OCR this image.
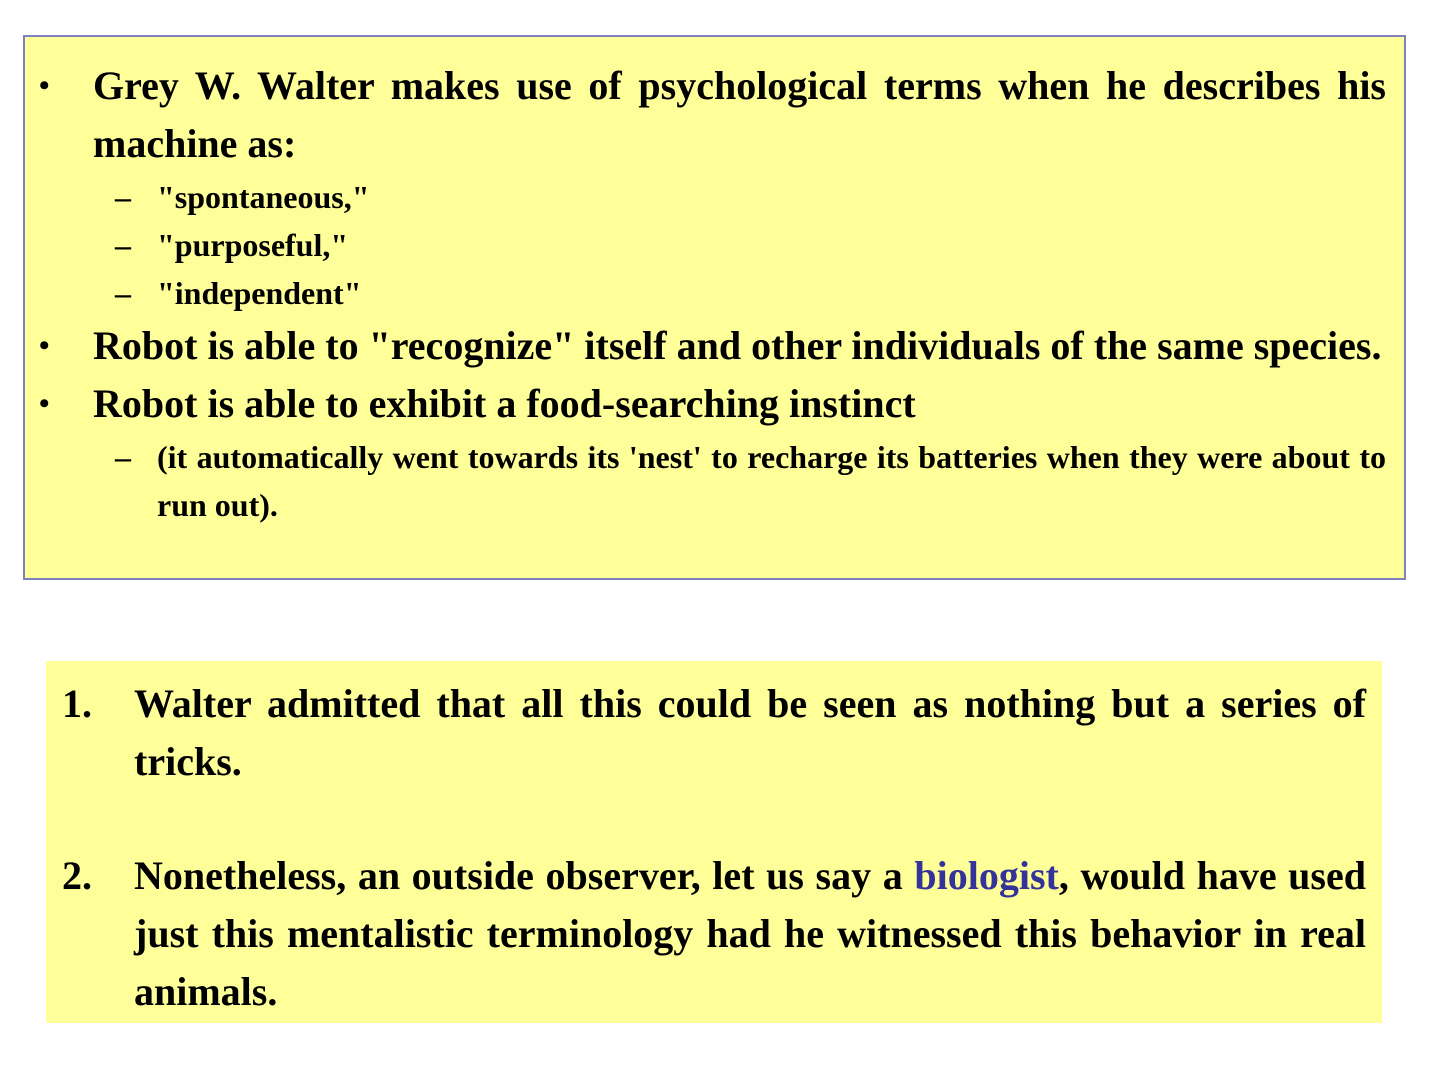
• Grey W. Walter makes use of psychological terms when he describes his machine as:
– "spontaneous,"
– "purposeful,"
– "independent"
• Robot is able to "recognize" itself and other individuals of the same species.
• Robot is able to exhibit a food-searching instinct
– (it automatically went towards its 'nest' to recharge its batteries when they were about to run out).
1. Walter admitted that all this could be seen as nothing but a series of tricks.
2. Nonetheless, an outside observer, let us say a biologist, would have used just this mentalistic terminology had he witnessed this behavior in real animals.
